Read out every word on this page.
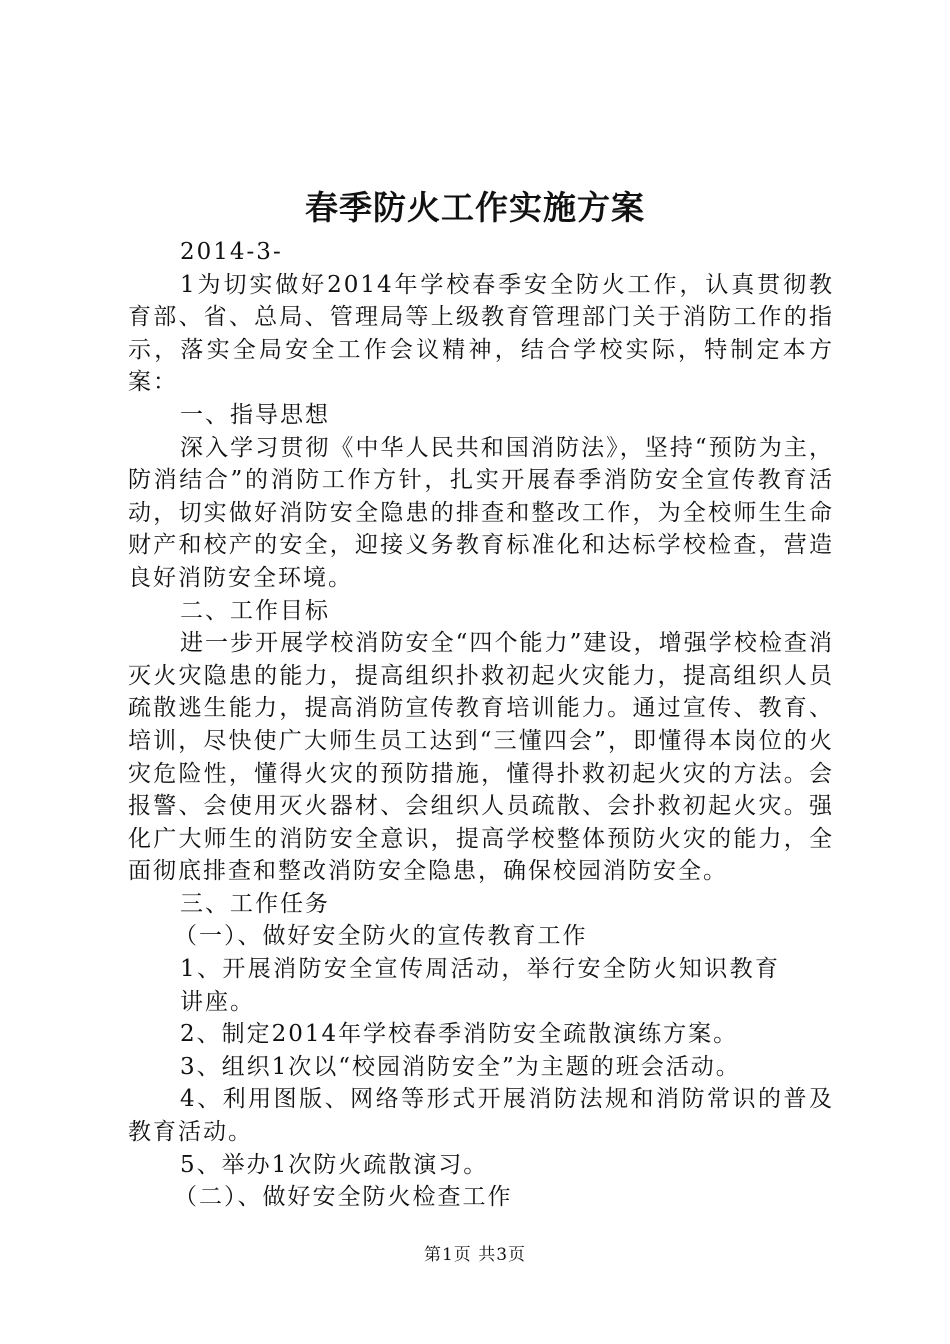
春季防火工作实施方案

2014-3-

1为切实做好2014年学校春季安全防火工作，认真贯彻教育部、省、总局、管理局等上级教育管理部门关于消防工作的指示，落实全局安全工作会议精神，结合学校实际，特制定本方案：

一、指导思想

深入学习贯彻《中华人民共和国消防法》，坚持“预防为主，防消结合”的消防工作方针，扎实开展春季消防安全宣传教育活动，切实做好消防安全隐患的排查和整改工作，为全校师生生命财产和校产的安全，迎接义务教育标准化和达标学校检查，营造良好消防安全环境。

二、工作目标

进一步开展学校消防安全“四个能力”建设，增强学校检查消灭火灾隐患的能力，提高组织扑救初起火灾能力，提高组织人员疏散逃生能力，提高消防宣传教育培训能力。通过宣传、教育、培训，尽快使广大师生员工达到“三懂四会”，即懂得本岗位的火灾危险性，懂得火灾的预防措施，懂得扑救初起火灾的方法。会报警、会使用灭火器材、会组织人员疏散、会扑救初起火灾。强化广大师生的消防安全意识，提高学校整体预防火灾的能力，全面彻底排查和整改消防安全隐患，确保校园消防安全。

三、工作任务

（一）、做好安全防火的宣传教育工作

1、开展消防安全宣传周活动，举行安全防火知识教育讲座。

2、制定2014年学校春季消防安全疏散演练方案。

3、组织1次以“校园消防安全”为主题的班会活动。

4、利用图版、网络等形式开展消防法规和消防常识的普及教育活动。

5、举办1次防火疏散演习。

（二）、做好安全防火检查工作

第1页 共3页
